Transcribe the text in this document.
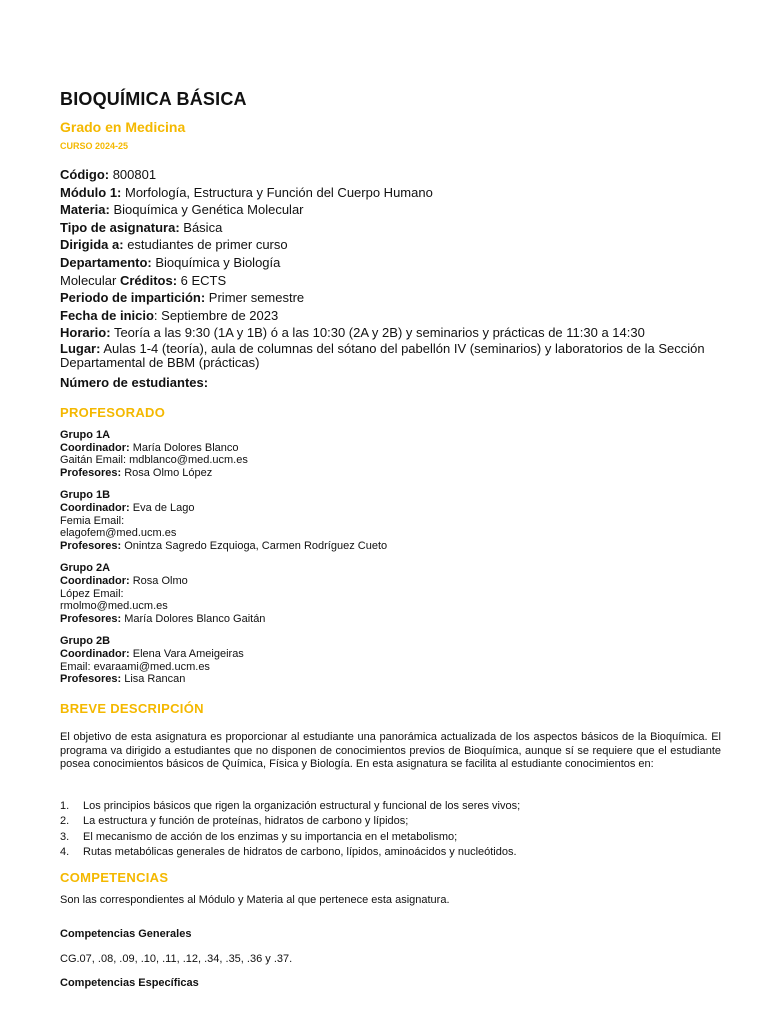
BIOQUÍMICA BÁSICA
Grado en Medicina
CURSO 2024-25

Código: 800801

Módulo 1: Morfología, Estructura y Función del Cuerpo Humano

Materia: Bioquímica y Genética Molecular

Tipo de asignatura: Básica

Dirigida a: estudiantes de primer curso

Departamento: Bioquímica y Biología

Molecular Créditos: 6 ECTS

Periodo de impartición: Primer semestre

Fecha de inicio: Septiembre de 2023

Horario: Teoría a las 9:30 (1A y 1B) ó a las 10:30 (2A y 2B) y seminarios y prácticas de 11:30 a 14:30

Lugar: Aulas 1-4 (teoría), aula de columnas del sótano del pabellón IV (seminarios) y laboratorios de la Sección Departamental de BBM (prácticas)

Número de estudiantes:

PROFESORADO

Grupo 1A

Coordinador: María Dolores Blanco

Gaitán Email: mdblanco@med.ucm.es

Profesores: Rosa Olmo López

Grupo 1B

Coordinador: Eva de Lago

Femia Email:

elagofem@med.ucm.es

Profesores: Onintza Sagredo Ezquioga, Carmen Rodríguez Cueto

Grupo 2A

Coordinador: Rosa Olmo

López Email:

rmolmo@med.ucm.es

Profesores: María Dolores Blanco Gaitán

Grupo 2B

Coordinador: Elena Vara Ameigeiras

Email: evaraami@med.ucm.es

Profesores: Lisa Rancan

BREVE DESCRIPCIÓN

El objetivo de esta asignatura es proporcionar al estudiante una panorámica actualizada de los aspectos básicos de la Bioquímica. El programa va dirigido a estudiantes que no disponen de conocimientos previos de Bioquímica, aunque sí se requiere que el estudiante posea conocimientos básicos de Química, Física y Biología. En esta asignatura se facilita al estudiante conocimientos en:

1.	Los principios básicos que rigen la organización estructural y funcional de los seres vivos;
2.	La estructura y función de proteínas, hidratos de carbono y lípidos;
3.	El mecanismo de acción de los enzimas y su importancia en el metabolismo;
4.	Rutas metabólicas generales de hidratos de carbono, lípidos, aminoácidos y nucleótidos.
COMPETENCIAS

Son las correspondientes al Módulo y Materia al que pertenece esta asignatura.

Competencias Generales

CG.07, .08, .09, .10, .11, .12, .34, .35, .36 y .37.

Competencias Específicas
